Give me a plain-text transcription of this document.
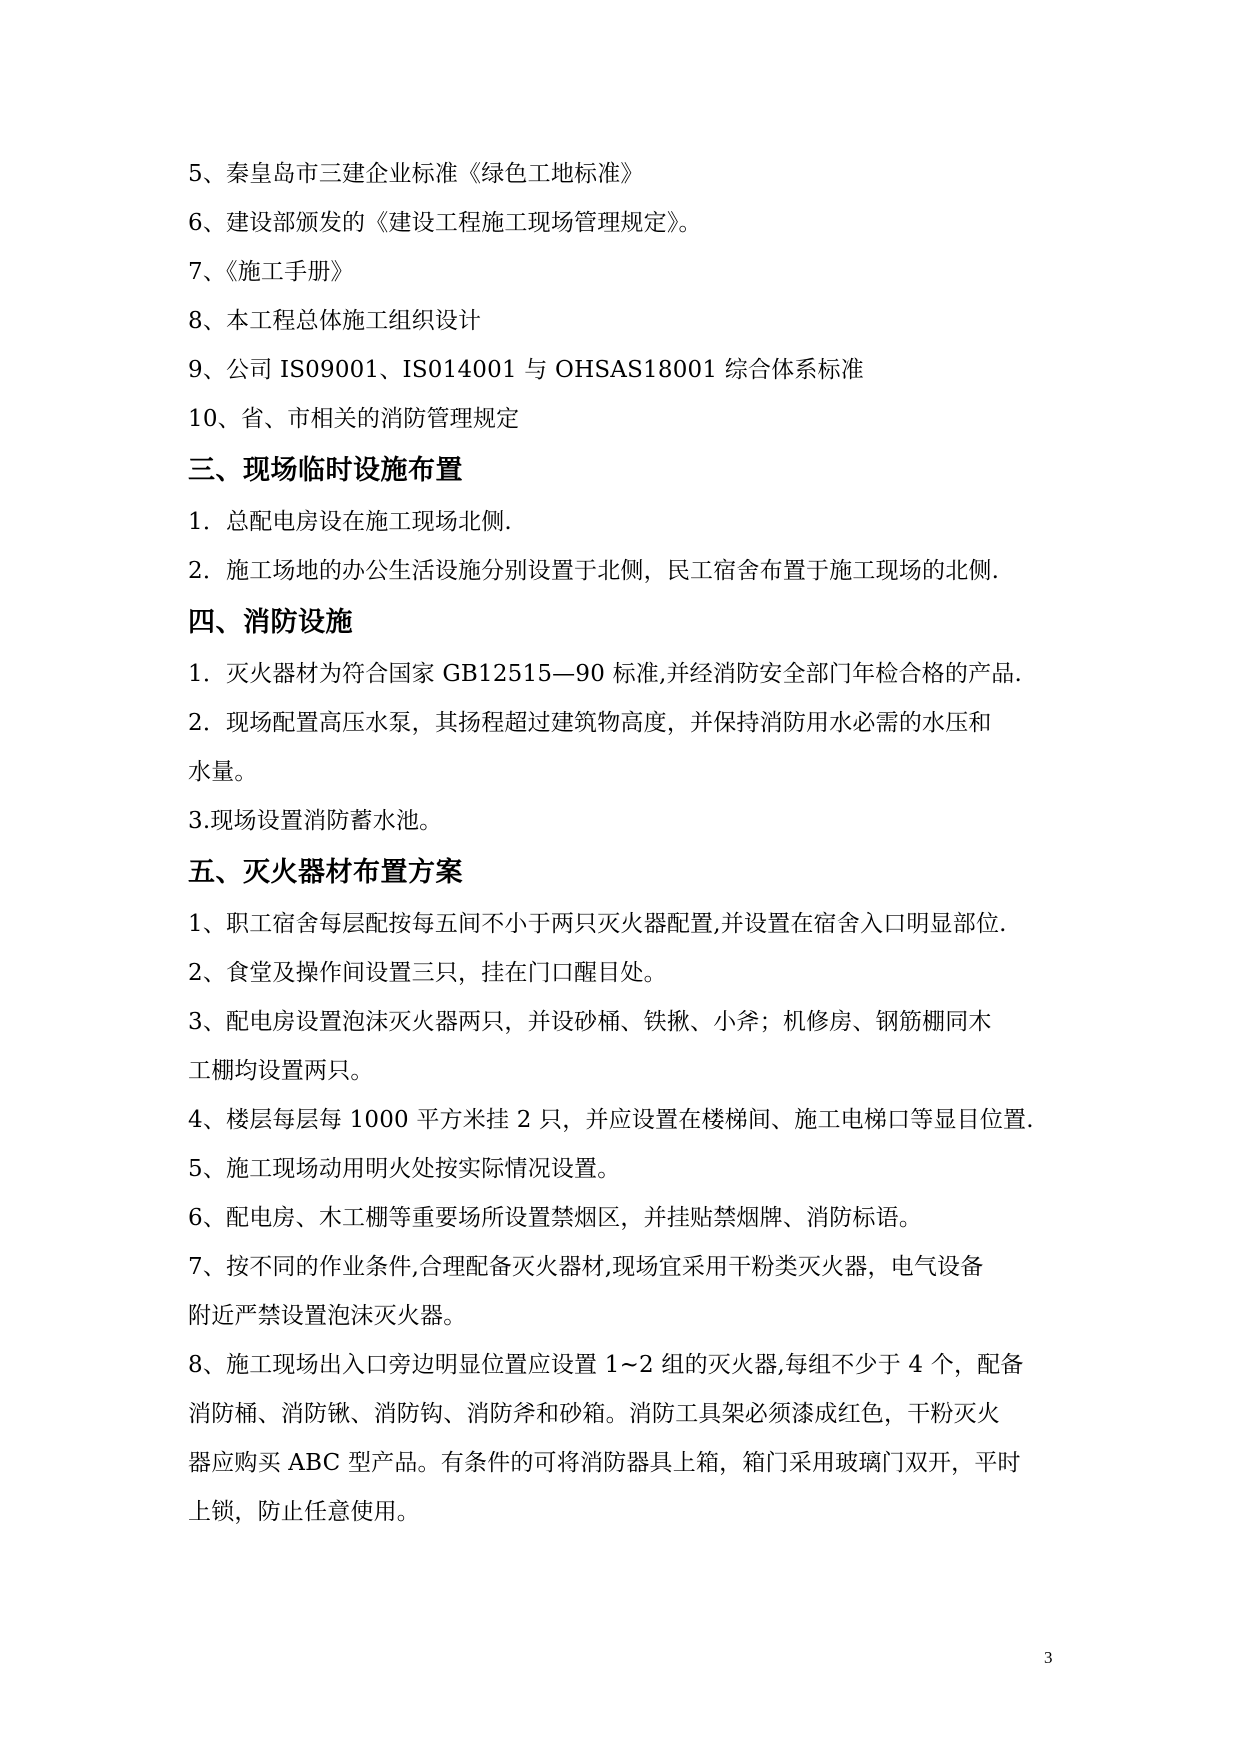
5、秦皇岛市三建企业标准《绿色工地标准》
6、建设部颁发的《建设工程施工现场管理规定》。
7、《施工手册》
8、本工程总体施工组织设计
9、公司 IS09001、IS014001 与 OHSAS18001 综合体系标准
10、省、市相关的消防管理规定
三、现场临时设施布置
1．总配电房设在施工现场北侧.
2．施工场地的办公生活设施分别设置于北侧，民工宿舍布置于施工现场的北侧.
四、消防设施
1．灭火器材为符合国家 GB12515—90 标准,并经消防安全部门年检合格的产品.
2．现场配置高压水泵，其扬程超过建筑物高度，并保持消防用水必需的水压和
水量。
3.现场设置消防蓄水池。
五、灭火器材布置方案
1、职工宿舍每层配按每五间不小于两只灭火器配置,并设置在宿舍入口明显部位.
2、食堂及操作间设置三只，挂在门口醒目处。
3、配电房设置泡沫灭火器两只，并设砂桶、铁揪、小斧；机修房、钢筋棚同木
工棚均设置两只。
4、楼层每层每 1000 平方米挂 2 只，并应设置在楼梯间、施工电梯口等显目位置.
5、施工现场动用明火处按实际情况设置。
6、配电房、木工棚等重要场所设置禁烟区，并挂贴禁烟牌、消防标语。
7、按不同的作业条件,合理配备灭火器材,现场宜采用干粉类灭火器，电气设备
附近严禁设置泡沫灭火器。
8、施工现场出入口旁边明显位置应设置 1~2 组的灭火器,每组不少于 4 个，配备
消防桶、消防锹、消防钩、消防斧和砂箱。消防工具架必须漆成红色，干粉灭火
器应购买 ABC 型产品。有条件的可将消防器具上箱，箱门采用玻璃门双开，平时
上锁，防止任意使用。
3
